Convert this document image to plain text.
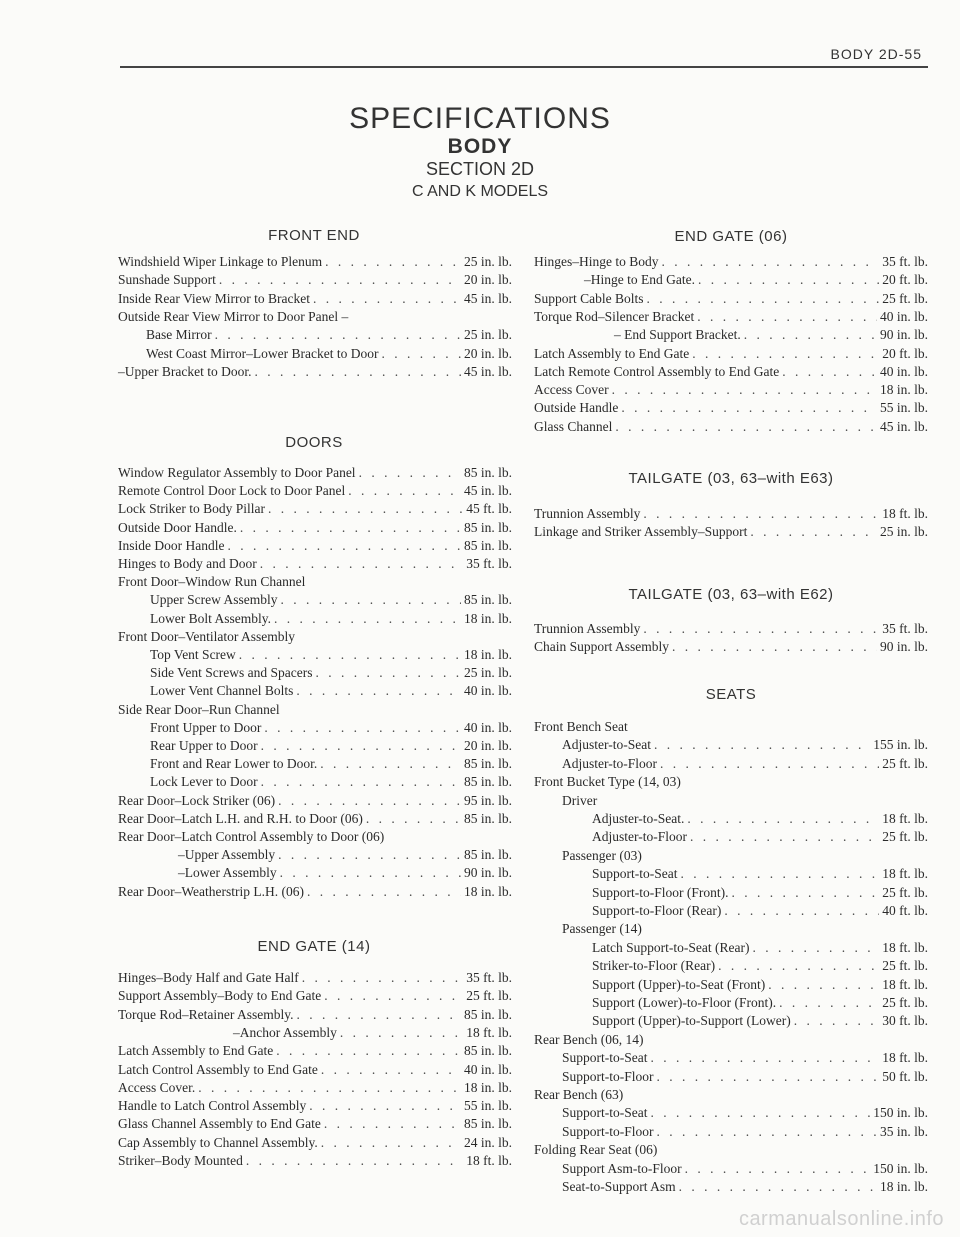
BODY 2D-55
SPECIFICATIONS
BODY
SECTION 2D
C AND K MODELS
FRONT END
Windshield Wiper Linkage to Plenum . . .	25 in. lb.
Sunshade Support . . .	20 in. lb.
Inside Rear View Mirror to Bracket . . .	45 in. lb.
Outside Rear View Mirror to Door Panel –
Base Mirror . . .	25 in. lb.
West Coast Mirror–Lower Bracket to Door . . .	20 in. lb.
–Upper Bracket to Door. . . .	45 in. lb.
DOORS
Window Regulator Assembly to Door Panel . . .	85 in. lb.
Remote Control Door Lock to Door Panel . . .	45 in. lb.
Lock Striker to Body Pillar . . .	45 ft. lb.
Outside Door Handle. . . .	85 in. lb.
Inside Door Handle . . .	85 in. lb.
Hinges to Body and Door . . .	35 ft. lb.
Front Door–Window Run Channel
Upper Screw Assembly . . .	85 in. lb.
Lower Bolt Assembly. . . .	18 in. lb.
Front Door–Ventilator Assembly
Top Vent Screw . . .	18 in. lb.
Side Vent Screws and Spacers . . .	25 in. lb.
Lower Vent Channel Bolts . . .	40 in. lb.
Side Rear Door–Run Channel
Front Upper to Door . . .	40 in. lb.
Rear Upper to Door . . .	20 in. lb.
Front and Rear Lower to Door. . . .	85 in. lb.
Lock Lever to Door . . .	85 in. lb.
Rear Door–Lock Striker (06) . . .	95 in. lb.
Rear Door–Latch L.H. and R.H. to Door (06) . . .	85 in. lb.
Rear Door–Latch Control Assembly to Door (06)
–Upper Assembly . . .	85 in. lb.
–Lower Assembly . . .	90 in. lb.
Rear Door–Weatherstrip L.H. (06) . . .	18 in. lb.
END GATE (14)
Hinges–Body Half and Gate Half . . .	35 ft. lb.
Support Assembly–Body to End Gate . . .	25 ft. lb.
Torque Rod–Retainer Assembly. . . .	85 in. lb.
–Anchor Assembly . . .	18 ft. lb.
Latch Assembly to End Gate . . .	85 in. lb.
Latch Control Assembly to End Gate . . .	40 in. lb.
Access Cover. . . .	18 in. lb.
Handle to Latch Control Assembly . . .	55 in. lb.
Glass Channel Assembly to End Gate . . .	85 in. lb.
Cap Assembly to Channel Assembly. . . .	24 in. lb.
Striker–Body Mounted . . .	18 ft. lb.
END GATE (06)
Hinges–Hinge to Body . . .	35 ft. lb.
–Hinge to End Gate. . . .	20 ft. lb.
Support Cable Bolts . . .	25 ft. lb.
Torque Rod–Silencer Bracket . . .	40 in. lb.
– End Support Bracket. . . .	90 in. lb.
Latch Assembly to End Gate . . .	20 ft. lb.
Latch Remote Control Assembly to End Gate . . .	40 in. lb.
Access Cover . . .	18 in. lb.
Outside Handle . . .	55 in. lb.
Glass Channel . . .	45 in. lb.
TAILGATE (03, 63–with E63)
Trunnion Assembly . . .	18 ft. lb.
Linkage and Striker Assembly–Support . . .	25 in. lb.
TAILGATE (03, 63–with E62)
Trunnion Assembly . . .	35 ft. lb.
Chain Support Assembly . . .	90 in. lb.
SEATS
Front Bench Seat
Adjuster-to-Seat . . .	155 in. lb.
Adjuster-to-Floor . . .	25 ft. lb.
Front Bucket Type (14, 03)
Driver
Adjuster-to-Seat. . . .	18 ft. lb.
Adjuster-to-Floor . . .	25 ft. lb.
Passenger (03)
Support-to-Seat . . .	18 ft. lb.
Support-to-Floor (Front). . . .	25 ft. lb.
Support-to-Floor (Rear) . . .	40 ft. lb.
Passenger (14)
Latch Support-to-Seat (Rear) . . .	18 ft. lb.
Striker-to-Floor (Rear) . . .	25 ft. lb.
Support (Upper)-to-Seat (Front) . . .	18 ft. lb.
Support (Lower)-to-Floor (Front). . . .	25 ft. lb.
Support (Upper)-to-Support (Lower) . . .	30 ft. lb.
Rear Bench (06, 14)
Support-to-Seat . . .	18 ft. lb.
Support-to-Floor . . .	50 ft. lb.
Rear Bench (63)
Support-to-Seat . . .	150 in. lb.
Support-to-Floor . . .	35 in. lb.
Folding Rear Seat (06)
Support Asm-to-Floor . . .	150 in. lb.
Seat-to-Support Asm . . .	18 in. lb.
carmanualsonline.info
